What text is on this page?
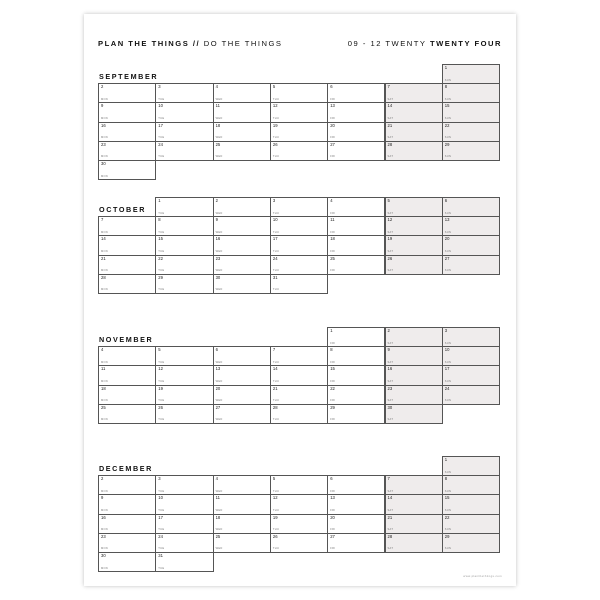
PLAN THE THINGS // DO THE THINGS	09 - 12 TWENTY TWENTY FOUR
SEPTEMBER
1
SUN
2
MON
3
TUE
4
WED
5
THU
6
FRI
7
SAT
8
SUN
9
MON
10
TUE
11
WED
12
THU
13
FRI
14
SAT
15
SUN
16
MON
17
TUE
18
WED
19
THU
20
FRI
21
SAT
22
SUN
23
MON
24
TUE
25
WED
26
THU
27
FRI
28
SAT
29
SUN
30
MON
OCTOBER
1
TUE
2
WED
3
THU
4
FRI
5
SAT
6
SUN
7
MON
8
TUE
9
WED
10
THU
11
FRI
12
SAT
13
SUN
14
MON
15
TUE
16
WED
17
THU
18
FRI
19
SAT
20
SUN
21
MON
22
TUE
23
WED
24
THU
25
FRI
26
SAT
27
SUN
28
MON
29
TUE
30
WED
31
THU
NOVEMBER
1
FRI
2
SAT
3
SUN
4
MON
5
TUE
6
WED
7
THU
8
FRI
9
SAT
10
SUN
11
MON
12
TUE
13
WED
14
THU
15
FRI
16
SAT
17
SUN
18
MON
19
TUE
20
WED
21
THU
22
FRI
23
SAT
24
SUN
25
MON
26
TUE
27
WED
28
THU
29
FRI
30
SAT
DECEMBER
1
SUN
2
MON
3
TUE
4
WED
5
THU
6
FRI
7
SAT
8
SUN
9
MON
10
TUE
11
WED
12
THU
13
FRI
14
SAT
15
SUN
16
MON
17
TUE
18
WED
19
THU
20
FRI
21
SAT
22
SUN
23
MON
24
TUE
25
WED
26
THU
27
FRI
28
SAT
29
SUN
30
MON
31
TUE
www.plantheth1ngs.com
